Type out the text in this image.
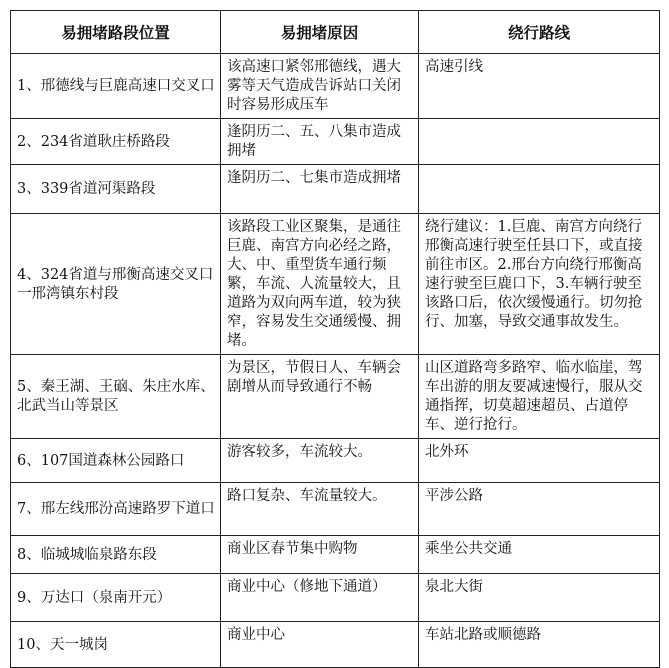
易拥堵路段位置	易拥堵原因	绕行路线

1、邢德线与巨鹿高速口交叉口	该高速口紧邻邢德线，遇大雾等天气造成告诉站口关闭时容易形成压车	高速引线

2、234省道耿庄桥路段	逢阴历二、五、八集市造成拥堵	

3、339省道河渠路段	逢阴历二、七集市造成拥堵	

4、324省道与邢衡高速交叉口一邢湾镇东村段	该路段工业区聚集，是通往巨鹿、南宫方向必经之路，大、中、重型货车通行频繁，车流、人流量较大，且道路为双向两车道，较为狭窄，容易发生交通缓慢、拥堵。	绕行建议：1.巨鹿、南宫方向绕行邢衡高速行驶至任县口下，或直接前往市区。2.邢台方向绕行邢衡高速行驶至巨鹿口下，3.车辆行驶至该路口后，依次缓慢通行。切勿抢行、加塞，导致交通事故发生。

5、秦王湖、王硇、朱庄水库、北武当山等景区	为景区，节假日人、车辆会剧增从而导致通行不畅	山区道路弯多路窄、临水临崖，驾车出游的朋友要减速慢行，服从交通指挥，切莫超速超员、占道停车、逆行抢行。

6、107国道森林公园路口	游客较多，车流较大。	北外环

7、邢左线邢汾高速路罗下道口	路口复杂、车流量较大。	平涉公路

8、临城城临泉路东段	商业区春节集中购物	乘坐公共交通

9、万达口（泉南开元）	商业中心（修地下通道）	泉北大街

10、天一城岗	商业中心	车站北路或顺德路
